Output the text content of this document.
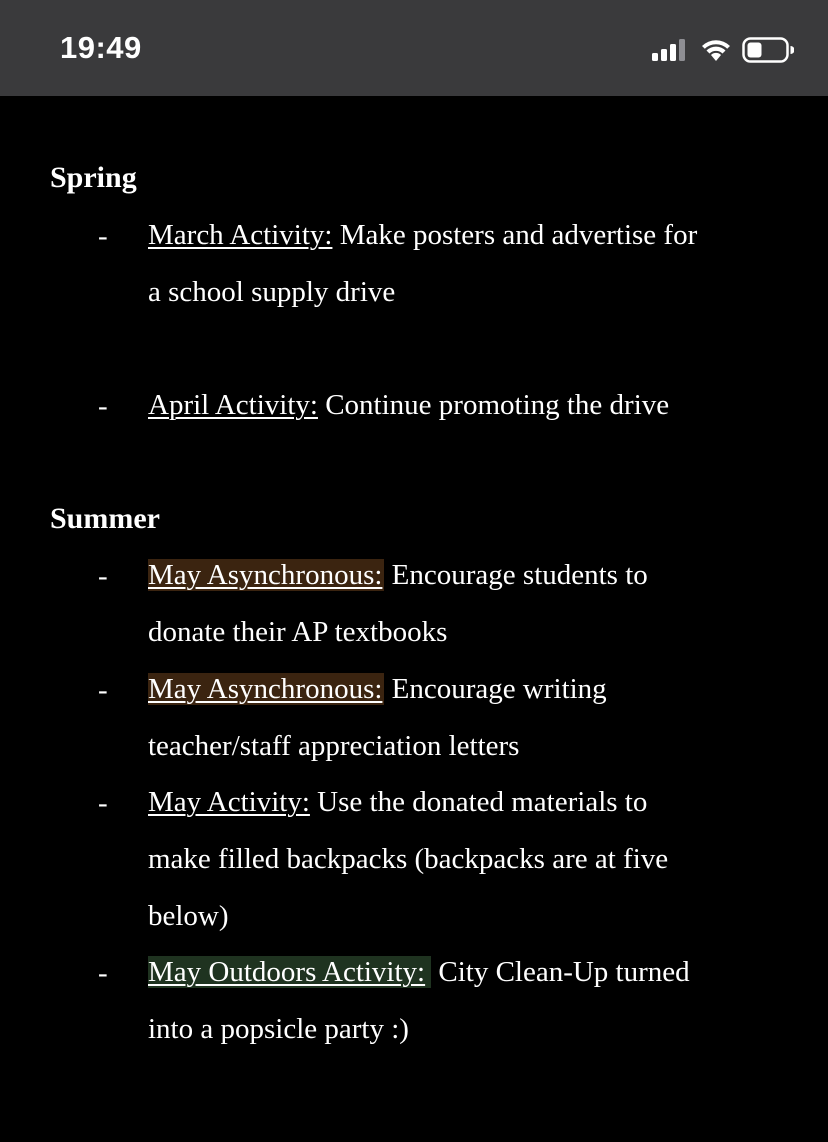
19:49
Spring
- March Activity: Make posters and advertise for
a school supply drive
- April Activity: Continue promoting the drive
Summer
- May Asynchronous: Encourage students to
donate their AP textbooks
- May Asynchronous: Encourage writing
teacher/staff appreciation letters
- May Activity: Use the donated materials to
make filled backpacks (backpacks are at five
below)
- May Outdoors Activity: City Clean-Up turned
into a popsicle party :)
